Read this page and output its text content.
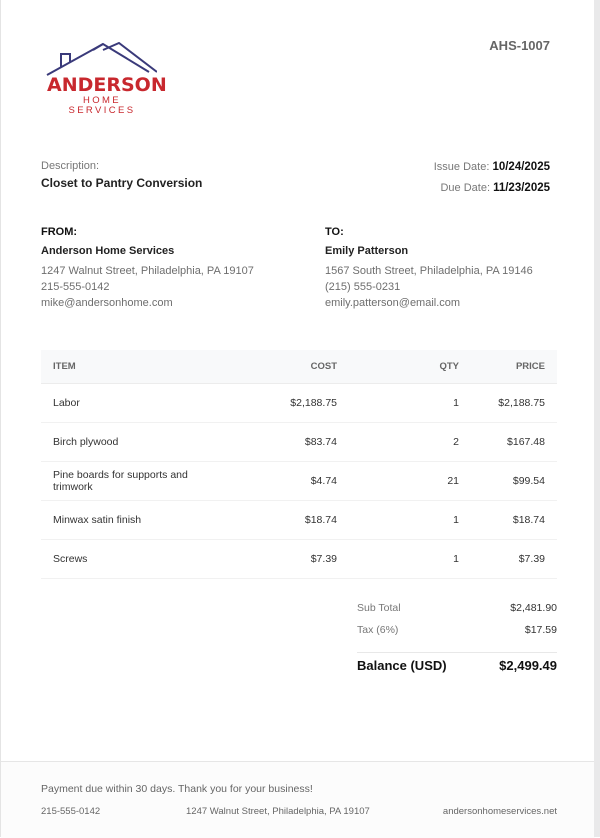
ANDERSON
HOME SERVICES
AHS-1007
Description:
Closet to Pantry Conversion
Issue Date: 10/24/2025
Due Date: 11/23/2025
FROM:
Anderson Home Services
1247 Walnut Street, Philadelphia, PA 19107
215-555-0142
mike@andersonhome.com
TO:
Emily Patterson
1567 South Street, Philadelphia, PA 19146
(215) 555-0231
emily.patterson@email.com
ITEM	COST	QTY	PRICE
Labor	$2,188.75	1	$2,188.75
Birch plywood	$83.74	2	$167.48
Pine boards for supports and trimwork	$4.74	21	$99.54
Minwax satin finish	$18.74	1	$18.74
Screws	$7.39	1	$7.39
Sub Total	$2,481.90
Tax (6%)	$17.59
Balance (USD)	$2,499.49
Payment due within 30 days. Thank you for your business!
215-555-0142	1247 Walnut Street, Philadelphia, PA 19107	andersonhomeservices.net
